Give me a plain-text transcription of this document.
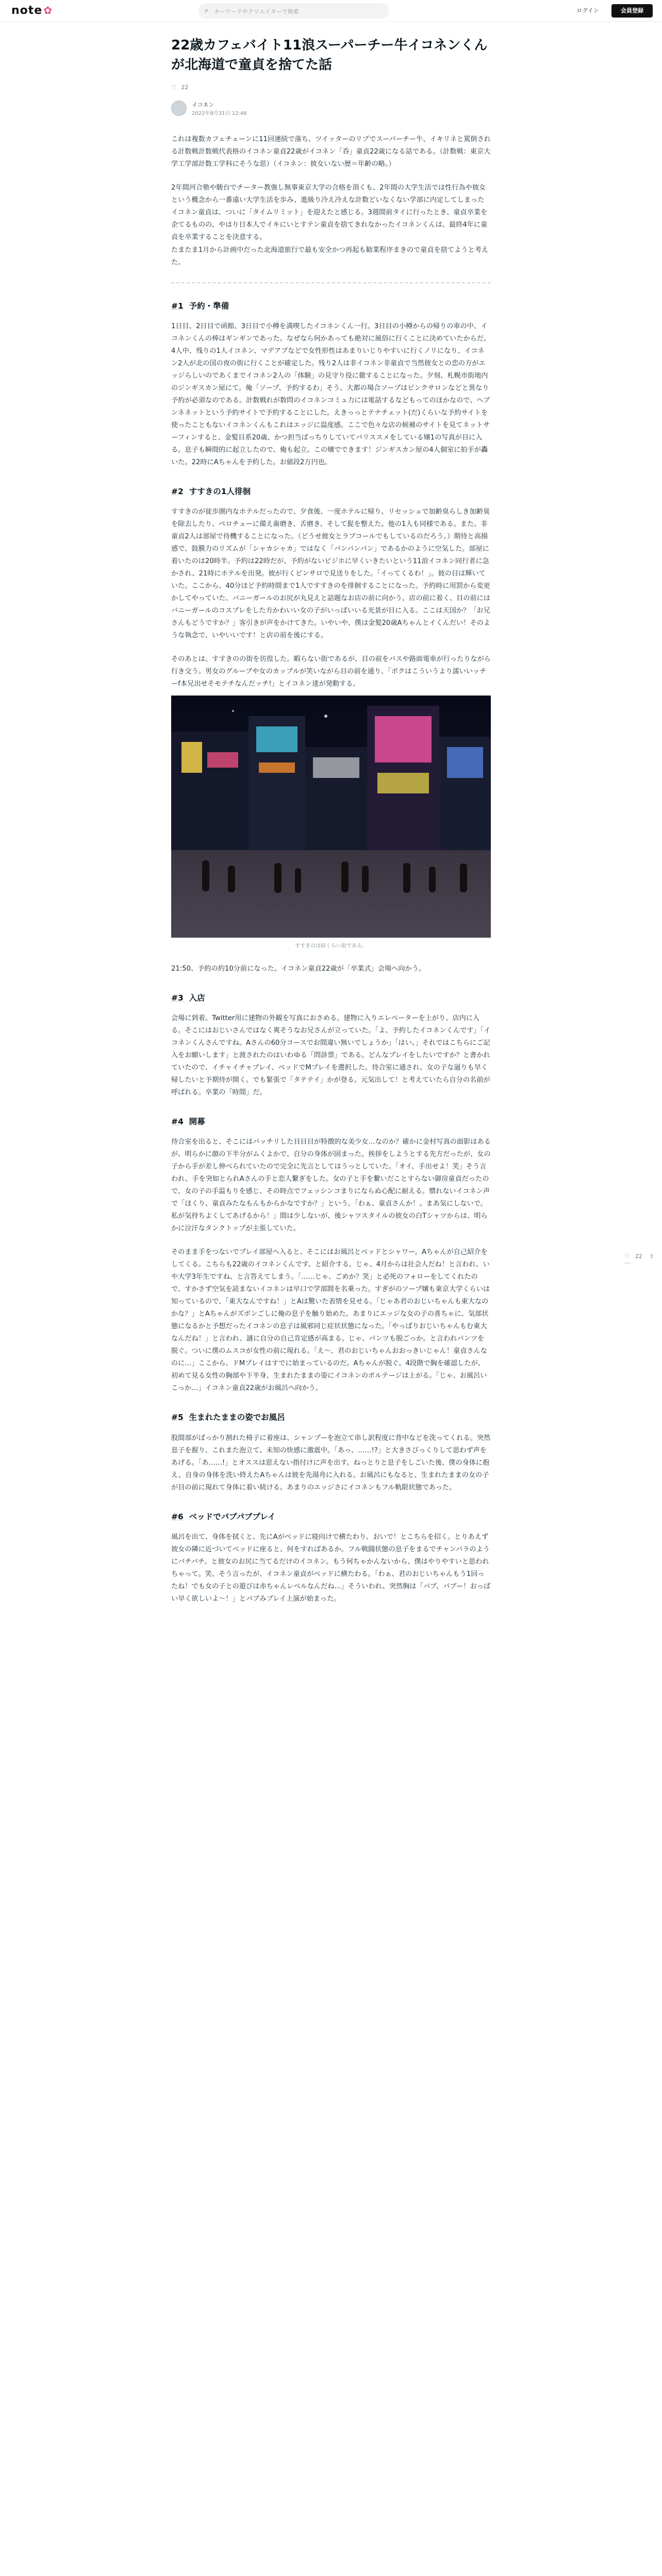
note ✿	⌕ キーワードやクリエイターで検索	ログイン	会員登録
22歳カフェバイト11浪スーパーチー牛イコネンくんが北海道で童貞を捨てた話
♡ 22
イコネン
2022年8月31日 12:48

これは複数カフェチェーンに11回連続で落ち、ツイッターのリプでスーパーチー牛、イキリネと罵倒される計数戦計数戦代表格のイコネン童貞22歳がイコネン「呑」童貞22歳になる話である。（計数戦：東京大学工学部計数工学科にそうな思）（イコネン：彼女いない歴＝年齢の略。）

2年間河合塾や駿台でチーター教強し無事東京大学の合格を頂くも、2年間の大学生活では性行為や彼女という概念から一番遠い大学生活を歩み、進級り冷え冷えな計数どいなくない学部に内定してしまったイコネン童貞は、ついに「タイムリミット」を迎えたと感じる。3週間前タイに行ったとき、童貞卒業を企てるものの、やはり日本人でイキにいとすテン童貞を捨てきれなかったイコネンくんは、最終4年に童貞を卒業することを決意する。

たまたま1月から計画中だった北海道旅行で最も安全かつ再起も勧業程序まきので童貞を捨てようと考えた。

#1 予約・準備

1日目、2日目で函館、3日目で小樽を満喫したイコネンくん一行。3日目の小樽からの帰りの車の中、イコネンくんの棒はギンギンであった。なぜなら何かあっても絶対に風俗に行くことに決めていたからだ。4人中、残りの1人イコネン、マデアブなどで女性形性はあまりいじりやすいに行くノリになり、イコネン2人が北の国の夜の街に行くことが確定した。残り2人は非イコネン非童貞で当然彼女との恋の方がエッジらしいのであくまでイコネン2人の「体験」の見守り役に徹することになった。夕刻、札幌市街地内のジンギスカン屋にて。俺「ソープ、予約するわ」そう、大都の場合ソープはピンクサロンなどと異なり予約が必須なのである。計数戦れが数問のイコネンコミュ力には電話するなどもってのほかなので、ヘブンネネットという予約サイトで予約することにした。えきっっとテナチェット(だ)くらいな予約サイトを使ったこともないイコネンくんもこれはエッジに温度感。ここで色々な店の候補のサイトを見てネットサーフィンすると、金髪目系20歳、かつ担当ばっちりしていてバリススメをしている嬢1の写真が目に入る。息子も瞬間的に起立したので、俺も起立。この嬢でできます！ジンギスカン屋の4人個室に拍手が轟いた。22時にAちゃんを予約した。お値段2万円也。

#2 すすきの1人徘徊

すすきのが徒歩圏内なホテルだったので、夕食後、一度ホテルに帰り、リセッシュで加齢臭らしき加齢臭を除去したり、ペロチューに備え歯磨き、舌磨き、そして髭を整えた。他の1人も同様である。また、非童貞2人は部屋で待機することになった。（どうせ彼女とラブコールでもしているのだろう。）期待と高揚感で、鼓膜力のリズムが「シャカシャカ」ではなく「パンパンパン」であるかのように空気した。部屋に着いたのは20時半。予約は22時だが、予約がないビジホに早くいきたいという11浪イコネン同行者に急かされ、21時にホテルを出発。彼が行くピンサロで見送りをした。「イってくるわ！」。彼の目は輝いていた。ここから、40分ほど予約時間まで1人ですすきのを徘徊することになった。予約時に用罰から変更かしてやっていた、バニーガールのお尻が丸見えと話題なお店の前に向かう。店の前に着く、目の前にはバニーガールのコスプレをした方かわいい女の子がいっぱいいる光景が目に入る。ここは天国か？「お兄さんもどうですか？」客引きが声をかけてきた。いやいや、僕は金髪20歳Aちゃんとイくんだい！そのような執念で、いやいいです！と店の前を後にする。

そのあとは、すすきのの街を彷徨した。暇らない街であるが、目の前をバスや路面電車が行ったりながら行き交う。男女のグループや女のカップルが笑いながら目の前を通り、「ボクはこういうより濡いいッチーf本兄出せそモテチなんだッチ!」とイコネン達が発動する。

すすきのは暗くらい街である。

21:50、予約の約10分前になった。イコネン童貞22歳が「卒業式」会場へ向かう。

#3 入店

会場に到着。Twitter用に建物の外観を写真におさめる。建物に入りエレベーターを上がり、店内に入る。そこにはおじいさんではなく爽そうなお兄さんが立っていた。「よ、予約したイコネンくんです」「イコネンくんさんですね。Aさんの60分コースでお間違い無いでしょうか」「はい。」それではこちらにご記入をお願いします」と渡されたのはいわゆる「問診票」である。どんなプレイをしたいですか？と書かれていたので、イチャイチャプレイ、ベッドでMプレイを選択した。待合室に通され、女の子な逼りも早く帰したいと予期待が開く。でも緊張で「タテテイ」かが登る。元気出して！と考えていたら自分の名前が呼ばれる。卒業の「時間」だ。

#4 開幕

待合室を出ると、そこにはパッチリした目目目が特徴的な美少女…なのか？確かに金村写真の面影はあるが、明らかに顔の下半分がムくよかで、自分の身体が固まった。挨拶をしようとする先方だったが、女の子から手が差し伸べられていたので完全に先言としてはうっとしていた。「オイ、手出せよ！笑」そう言われ、手を突如とられAさんの手と恋人繋ぎをした。女の子と手を繋いだことすらない御房童貞だったので、女の子の手温もりを感じ、その時点でフェッシンコまりにならぬ心配に耐える。慣れないイコネン声で「ほくり、童貞みたなもんもからかなですか？」という。「わぁ、童貞さんか！。まあ気にしないで。私が気持ちよくしてあげるから！」間は少しないが、後シャツスタイルの彼女の白Tシャツからは、明らかに泣汗なタンクトップが主張していた。

そのまま手をつないでプレイ部屋へ入ると、そこにはお風呂とベッドとシャワー。Aちゃんが自己紹介をしてくる。こちらも22歳のイコネンくんです、と紹介する。じゃ、4月からは社会人だね！と言われ、いや大学3年生ですね、と言答えてしまう。「……じゃ、ごめか？笑」と必死のフォローをしてくれたので、すかさず空気を読まないイコネンは早口で学部間を名乗った。すぎがのソープ嬢も東京大学くらいは知っているので、「東大なんですね！」とAは驚いた表情を見せる。「じゃあ君のおじいちゃんも東大なのかな？」とAちゃんがズボンごしに俺の息子を触り始めた。あまりにエッジな女の子の喜ちゃに、気部状態になるかと予想だったイコネンの息子は風邪同じ症状状態になった。「やっぱりおじいちゃんもむ東大なんだね！」と言われ、謎に自分の自己肯定感が高まる。じゃ、パンツも脱ごっか。と言われパンツを脱ぐ。ついに僕のムスコが女性の前に現れる。「え～、君のおじいちゃんおおっきいじゃん！童貞さんなのに…」ここから、ドMプレイはすでに始まっているのだ。Aちゃんが脱ぐ。4段階で胸を確認したが、初めて見る女性の胸部や下半身、生まれたままの姿にイコネンのボルテージは上がる。「じゃ、お風呂いこっか…」イコネン童貞22歳がお風呂へ向かう。

#5 生まれたままの姿でお風呂

股間部がぱっかり割れた椅子に着座は、シャンプーを泡立て串し訳程度に背中などを洗ってくれる。突然息子を握り、これまた泡立て、未知の快感に激震中。「あっ、……!?」と大きさびっくりして思わず声をあげる。「あ……!」とオススは思えない指付けに声を出す。ねっとりと息子をしごいた後、僕の身体に抱え、自身の身体を洗い終えたAちゃんは彼を先湯舟に入れる。お風呂にもなると、生まれたままの女の子が目の前に現れて身体に着い続ける。あまりのエッジさにイコネンもフル軌限状態であった。

#6 ベッドでパブパブプレイ

風呂を出て、身体を拭くと、先にAがベッドに寝向けで横たわり、おいで！とこちらを招く。とりあえず彼女の隣に近づいてベッドに座ると、何をすればあるか。フル戦闘状態の息子をまるでチャンバラのようにバチバチ。と彼女のお尻に当てるだけのイコネン。もう何ちゃかんないから、僕はやりやすいと思われちゃって。笑、そう言ったが、イコネン童貞がベッドに横たわる。「わぁ、君のおじいちゃんもう1回ったね！でも女の子との遊びは赤ちゃんレベルなんだね…」そういわれ、突然胸は「パブ、パブー！おっぱい早く欲しいよ～！」とパブみプレイ上演が始まった。

♡ 22 ⇪ ⋯
